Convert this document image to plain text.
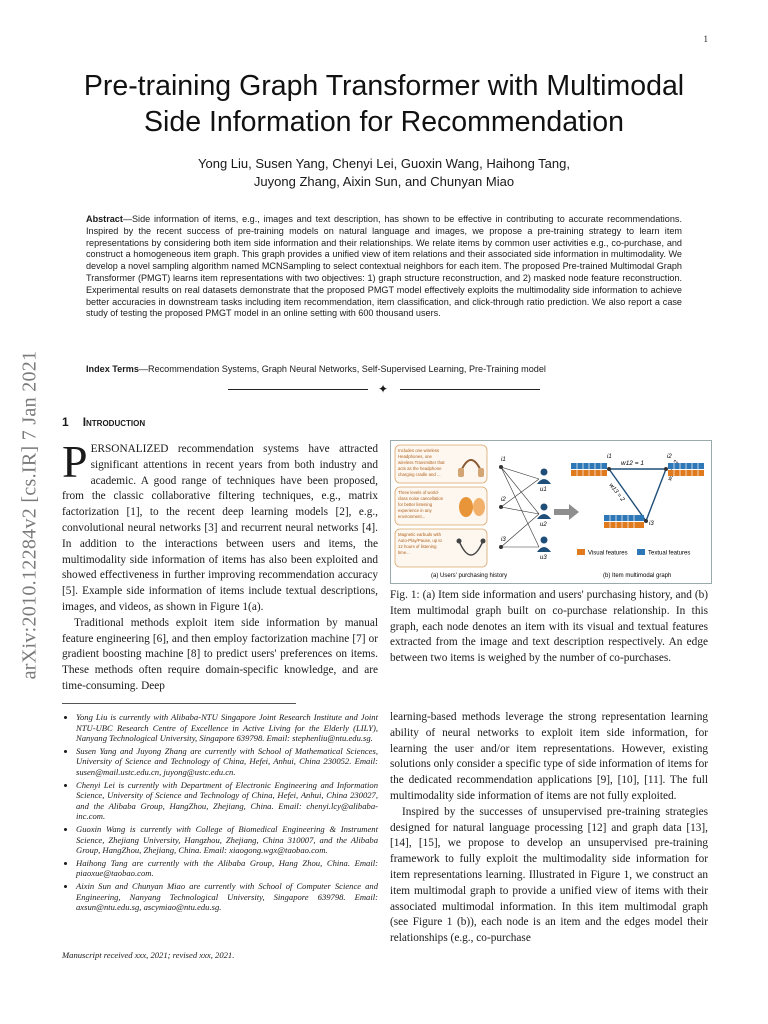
1
arXiv:2010.12284v2 [cs.IR] 7 Jan 2021
Pre-training Graph Transformer with Multimodal
Side Information for Recommendation
Yong Liu, Susen Yang, Chenyi Lei, Guoxin Wang, Haihong Tang,
Juyong Zhang, Aixin Sun, and Chunyan Miao
Abstract—Side information of items, e.g., images and text description, has shown to be effective in contributing to accurate recommendations. Inspired by the recent success of pre-training models on natural language and images, we propose a pre-training strategy to learn item representations by considering both item side information and their relationships. We relate items by common user activities e.g., co-purchase, and construct a homogeneous item graph. This graph provides a unified view of item relations and their associated side information in multimodality. We develop a novel sampling algorithm named MCNSampling to select contextual neighbors for each item. The proposed Pre-trained Multimodal Graph Transformer (PMGT) learns item representations with two objectives: 1) graph structure reconstruction, and 2) masked node feature reconstruction. Experimental results on real datasets demonstrate that the proposed PMGT model effectively exploits the multimodality side information to achieve better accuracies in downstream tasks including item recommendation, item classification, and click-through ratio prediction. We also report a case study of testing the proposed PMGT model in an online setting with 600 thousand users.
Index Terms—Recommendation Systems, Graph Neural Networks, Self-Supervised Learning, Pre-Training model
✦
1 Introduction

PERSONALIZED recommendation systems have attracted significant attentions in recent years from both industry and academic. A good range of techniques have been proposed, from the classic collaborative filtering techniques, e.g., matrix factorization [1], to the recent deep learning models [2], e.g., convolutional neural networks [3] and recurrent neural networks [4]. In addition to the interactions between users and items, the multimodality side information of items has also been exploited and showed effectiveness in further improving recommendation accuracy [5]. Example side information of items include textual descriptions, images, and videos, as shown in Figure 1(a).

Traditional methods exploit item side information by manual feature engineering [6], and then employ factorization machine [7] or gradient boosting machine [8] to predict users' preferences on items. These methods often require domain-specific knowledge, and are time-consuming. Deep

• Yong Liu is currently with Alibaba-NTU Singapore Joint Research Institute and Joint NTU-UBC Research Centre of Excellence in Active Living for the Elderly (LILY), Nanyang Technological University, Singapore 639798. Email: stephenliu@ntu.edu.sg.
• Susen Yang and Juyong Zhang are currently with School of Mathematical Sciences, University of Science and Technology of China, Hefei, Anhui, China 230052. Email: susen@mail.ustc.edu.cn, juyong@ustc.edu.cn.
• Chenyi Lei is currently with Department of Electronic Engineering and Information Science, University of Science and Technology of China, Hefei, Anhui, China 230027, and the Alibaba Group, HangZhou, Zhejiang, China. Email: chenyi.lcy@alibaba-inc.com.
• Guoxin Wang is currently with College of Biomedical Engineering & Instrument Science, Zhejiang University, Hangzhou, Zhejiang, China 310007, and the Alibaba Group, HangZhou, Zhejiang, China. Email: xiaogong.wgx@taobao.com.
• Haihong Tang are currently with the Alibaba Group, Hang Zhou, China. Email: piaoxue@taobao.com.
• Aixin Sun and Chunyan Miao are currently with School of Computer Science and Engineering, Nanyang Technological University, Singapore 639798. Email: axsun@ntu.edu.sg, ascymiao@ntu.edu.sg.
Manuscript received xxx, 2021; revised xxx, 2021.
Includes one wireless Headphones, one wireless Transmitter that acts as the headphone charging cradle and ...
Three levels of world-class noise cancellation for better listening experience in any environment...
Magnetic earbuds with Auto-Play/Pause, up to 12 hours of listening time...
i1
i2
i3
u1
u2
u3
w12 = 1
w13 = 2
2
i1	i2
i3
Visual features	Textual features
(a) Users' purchasing history	(b) Item multimodal graph
Fig. 1: (a) Item side information and users' purchasing history, and (b) Item multimodal graph built on co-purchase relationship. In this graph, each node denotes an item with its visual and textual features extracted from the image and text description respectively. An edge between two items is weighed by the number of co-purchases.

learning-based methods leverage the strong representation learning ability of neural networks to exploit item side information, for learning the user and/or item representations. However, existing solutions only consider a specific type of side information of items for the dedicated recommendation applications [9], [10], [11]. The full multimodality side information of items are not fully exploited.

Inspired by the successes of unsupervised pre-training strategies designed for natural language processing [12] and graph data [13], [14], [15], we propose to develop an unsupervised pre-training framework to fully exploit the multimodality side information for item representations learning. Illustrated in Figure 1, we construct an item multimodal graph to provide a unified view of items with their associated multimodal information. In this item multimodal graph (see Figure 1 (b)), each node is an item and the edges model their relationships (e.g., co-purchase
